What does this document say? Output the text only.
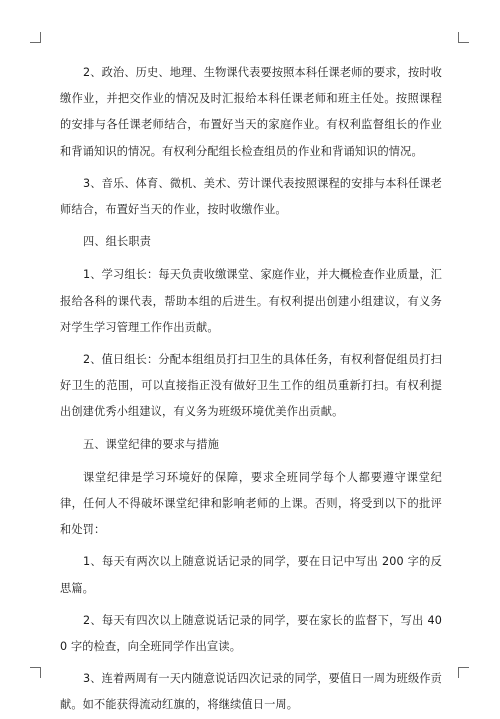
2、政治、历史、地理、生物课代表要按照本科任课老师的要求，按时收缴作业，并把交作业的情况及时汇报给本科任课老师和班主任处。按照课程的安排与各任课老师结合，布置好当天的家庭作业。有权利监督组长的作业和背诵知识的情况。有权利分配组长检查组员的作业和背诵知识的情况。

3、音乐、体育、微机、美术、劳计课代表按照课程的安排与本科任课老师结合，布置好当天的作业，按时收缴作业。

四、组长职责

1、学习组长：每天负责收缴课堂、家庭作业，并大概检查作业质量，汇报给各科的课代表，帮助本组的后进生。有权利提出创建小组建议，有义务对学生学习管理工作作出贡献。

2、值日组长：分配本组组员打扫卫生的具体任务，有权利督促组员打扫好卫生的范围，可以直接指正没有做好卫生工作的组员重新打扫。有权利提出创建优秀小组建议，有义务为班级环境优美作出贡献。

五、课堂纪律的要求与措施

课堂纪律是学习环境好的保障，要求全班同学每个人都要遵守课堂纪律，任何人不得破坏课堂纪律和影响老师的上课。否则，将受到以下的批评和处罚：

1、每天有两次以上随意说话记录的同学，要在日记中写出 200 字的反思篇。

2、每天有四次以上随意说话记录的同学，要在家长的监督下，写出 400 字的检查，向全班同学作出宣读。

3、连着两周有一天内随意说话四次记录的同学，要值日一周为班级作贡献。如不能获得流动红旗的，将继续值日一周。
